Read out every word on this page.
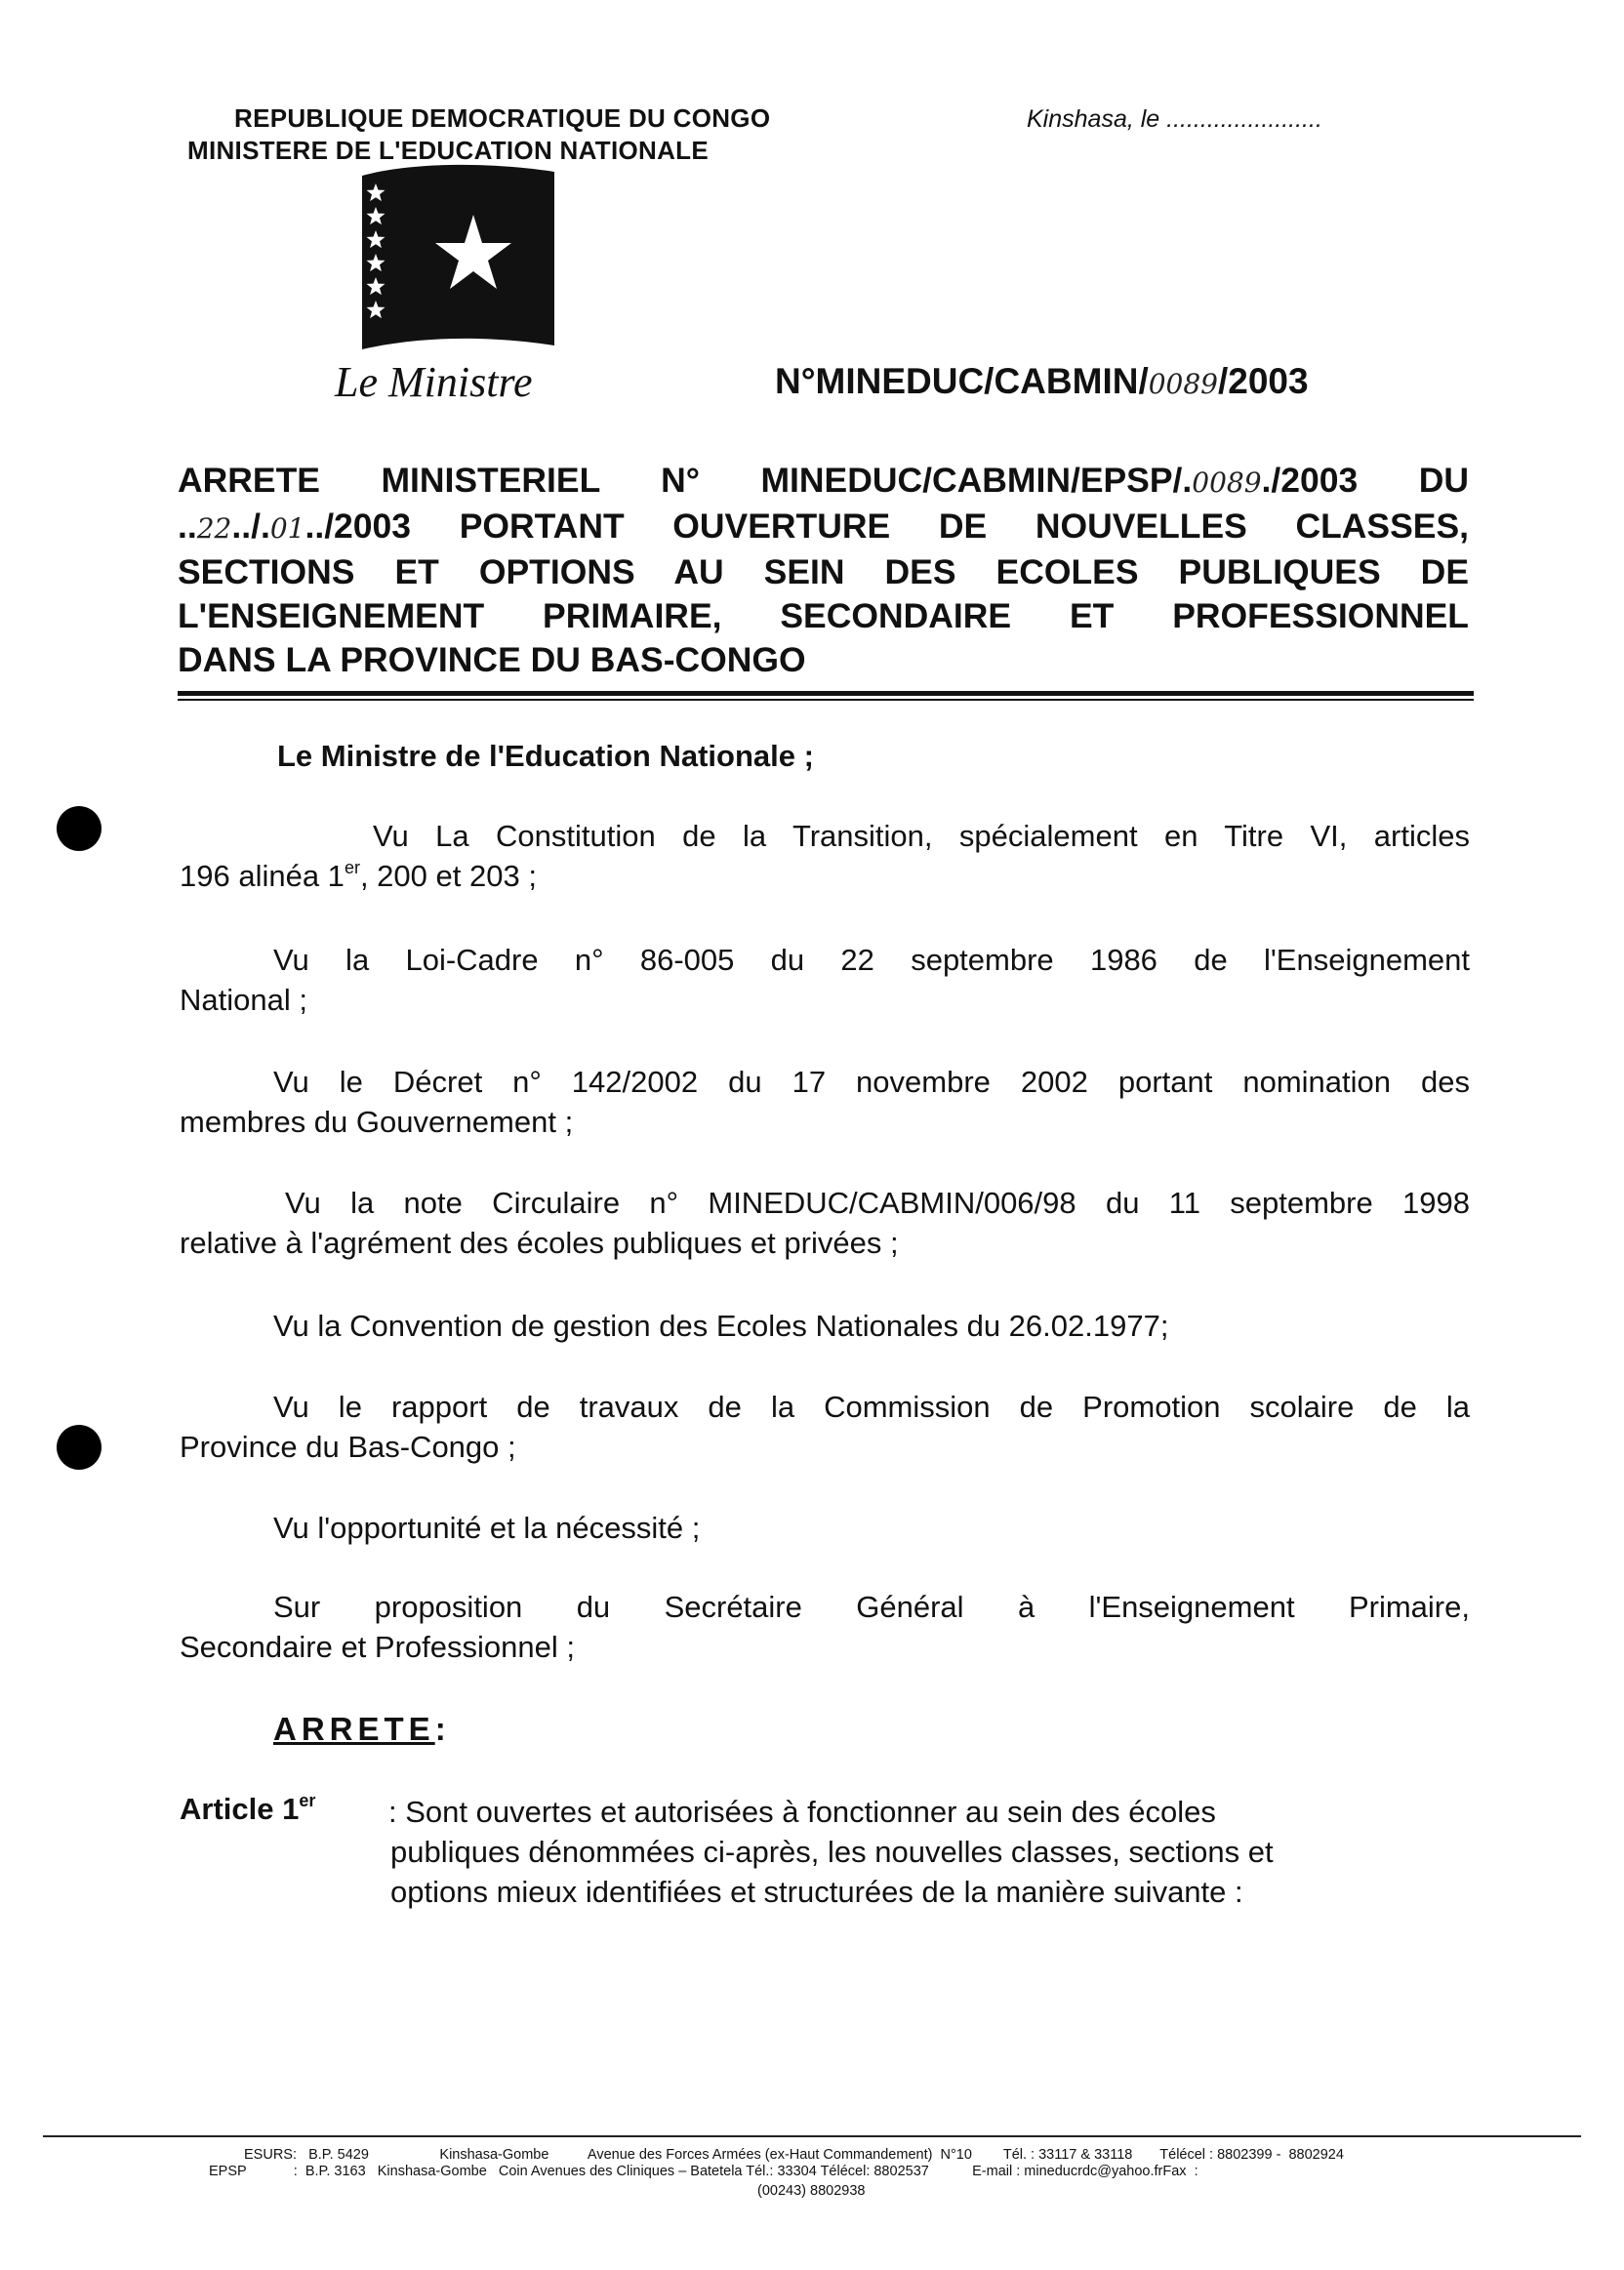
REPUBLIQUE DEMOCRATIQUE DU CONGO
MINISTERE DE L'EDUCATION NATIONALE
Kinshasa, le .......................
Le Ministre	N°MINEDUC/CABMIN/0089/2003
ARRETE MINISTERIEL N° MINEDUC/CABMIN/EPSP/.0089./2003 DU
..22../.01../2003 PORTANT OUVERTURE DE NOUVELLES CLASSES,
SECTIONS ET OPTIONS AU SEIN DES ECOLES PUBLIQUES DE
L'ENSEIGNEMENT PRIMAIRE, SECONDAIRE ET PROFESSIONNEL
DANS LA PROVINCE DU BAS-CONGO
Le Ministre de l'Education Nationale ;
Vu La Constitution de la Transition, spécialement en Titre VI, articles
196 alinéa 1er, 200 et 203 ;
Vu la Loi-Cadre n° 86-005 du 22 septembre 1986 de l'Enseignement
National ;
Vu le Décret n° 142/2002 du 17 novembre 2002 portant nomination des
membres du Gouvernement ;
Vu la note Circulaire n° MINEDUC/CABMIN/006/98 du 11 septembre 1998
relative à l'agrément des écoles publiques et privées ;
Vu la Convention de gestion des Ecoles Nationales du 26.02.1977;
Vu le rapport de travaux de la Commission de Promotion scolaire de la
Province du Bas-Congo ;
Vu l'opportunité et la nécessité ;
Sur proposition du Secrétaire Général à l'Enseignement Primaire,
Secondaire et Professionnel ;
ARRETE:
Article 1er : Sont ouvertes et autorisées à fonctionner au sein des écoles
publiques dénommées ci-après, les nouvelles classes, sections et
options mieux identifiées et structurées de la manière suivante :
ESURS:   B.P. 5429                  Kinshasa-Gombe          Avenue des Forces Armées (ex-Haut Commandement)  N°10        Tél. : 33117 & 33118       Télécel : 8802399 -  8802924
EPSP            :  B.P. 3163   Kinshasa-Gombe   Coin Avenues des Cliniques – Batetela Tél.: 33304 Télécel: 8802537           E-mail : mineducrdc@yahoo.frFax  :
(00243) 8802938
